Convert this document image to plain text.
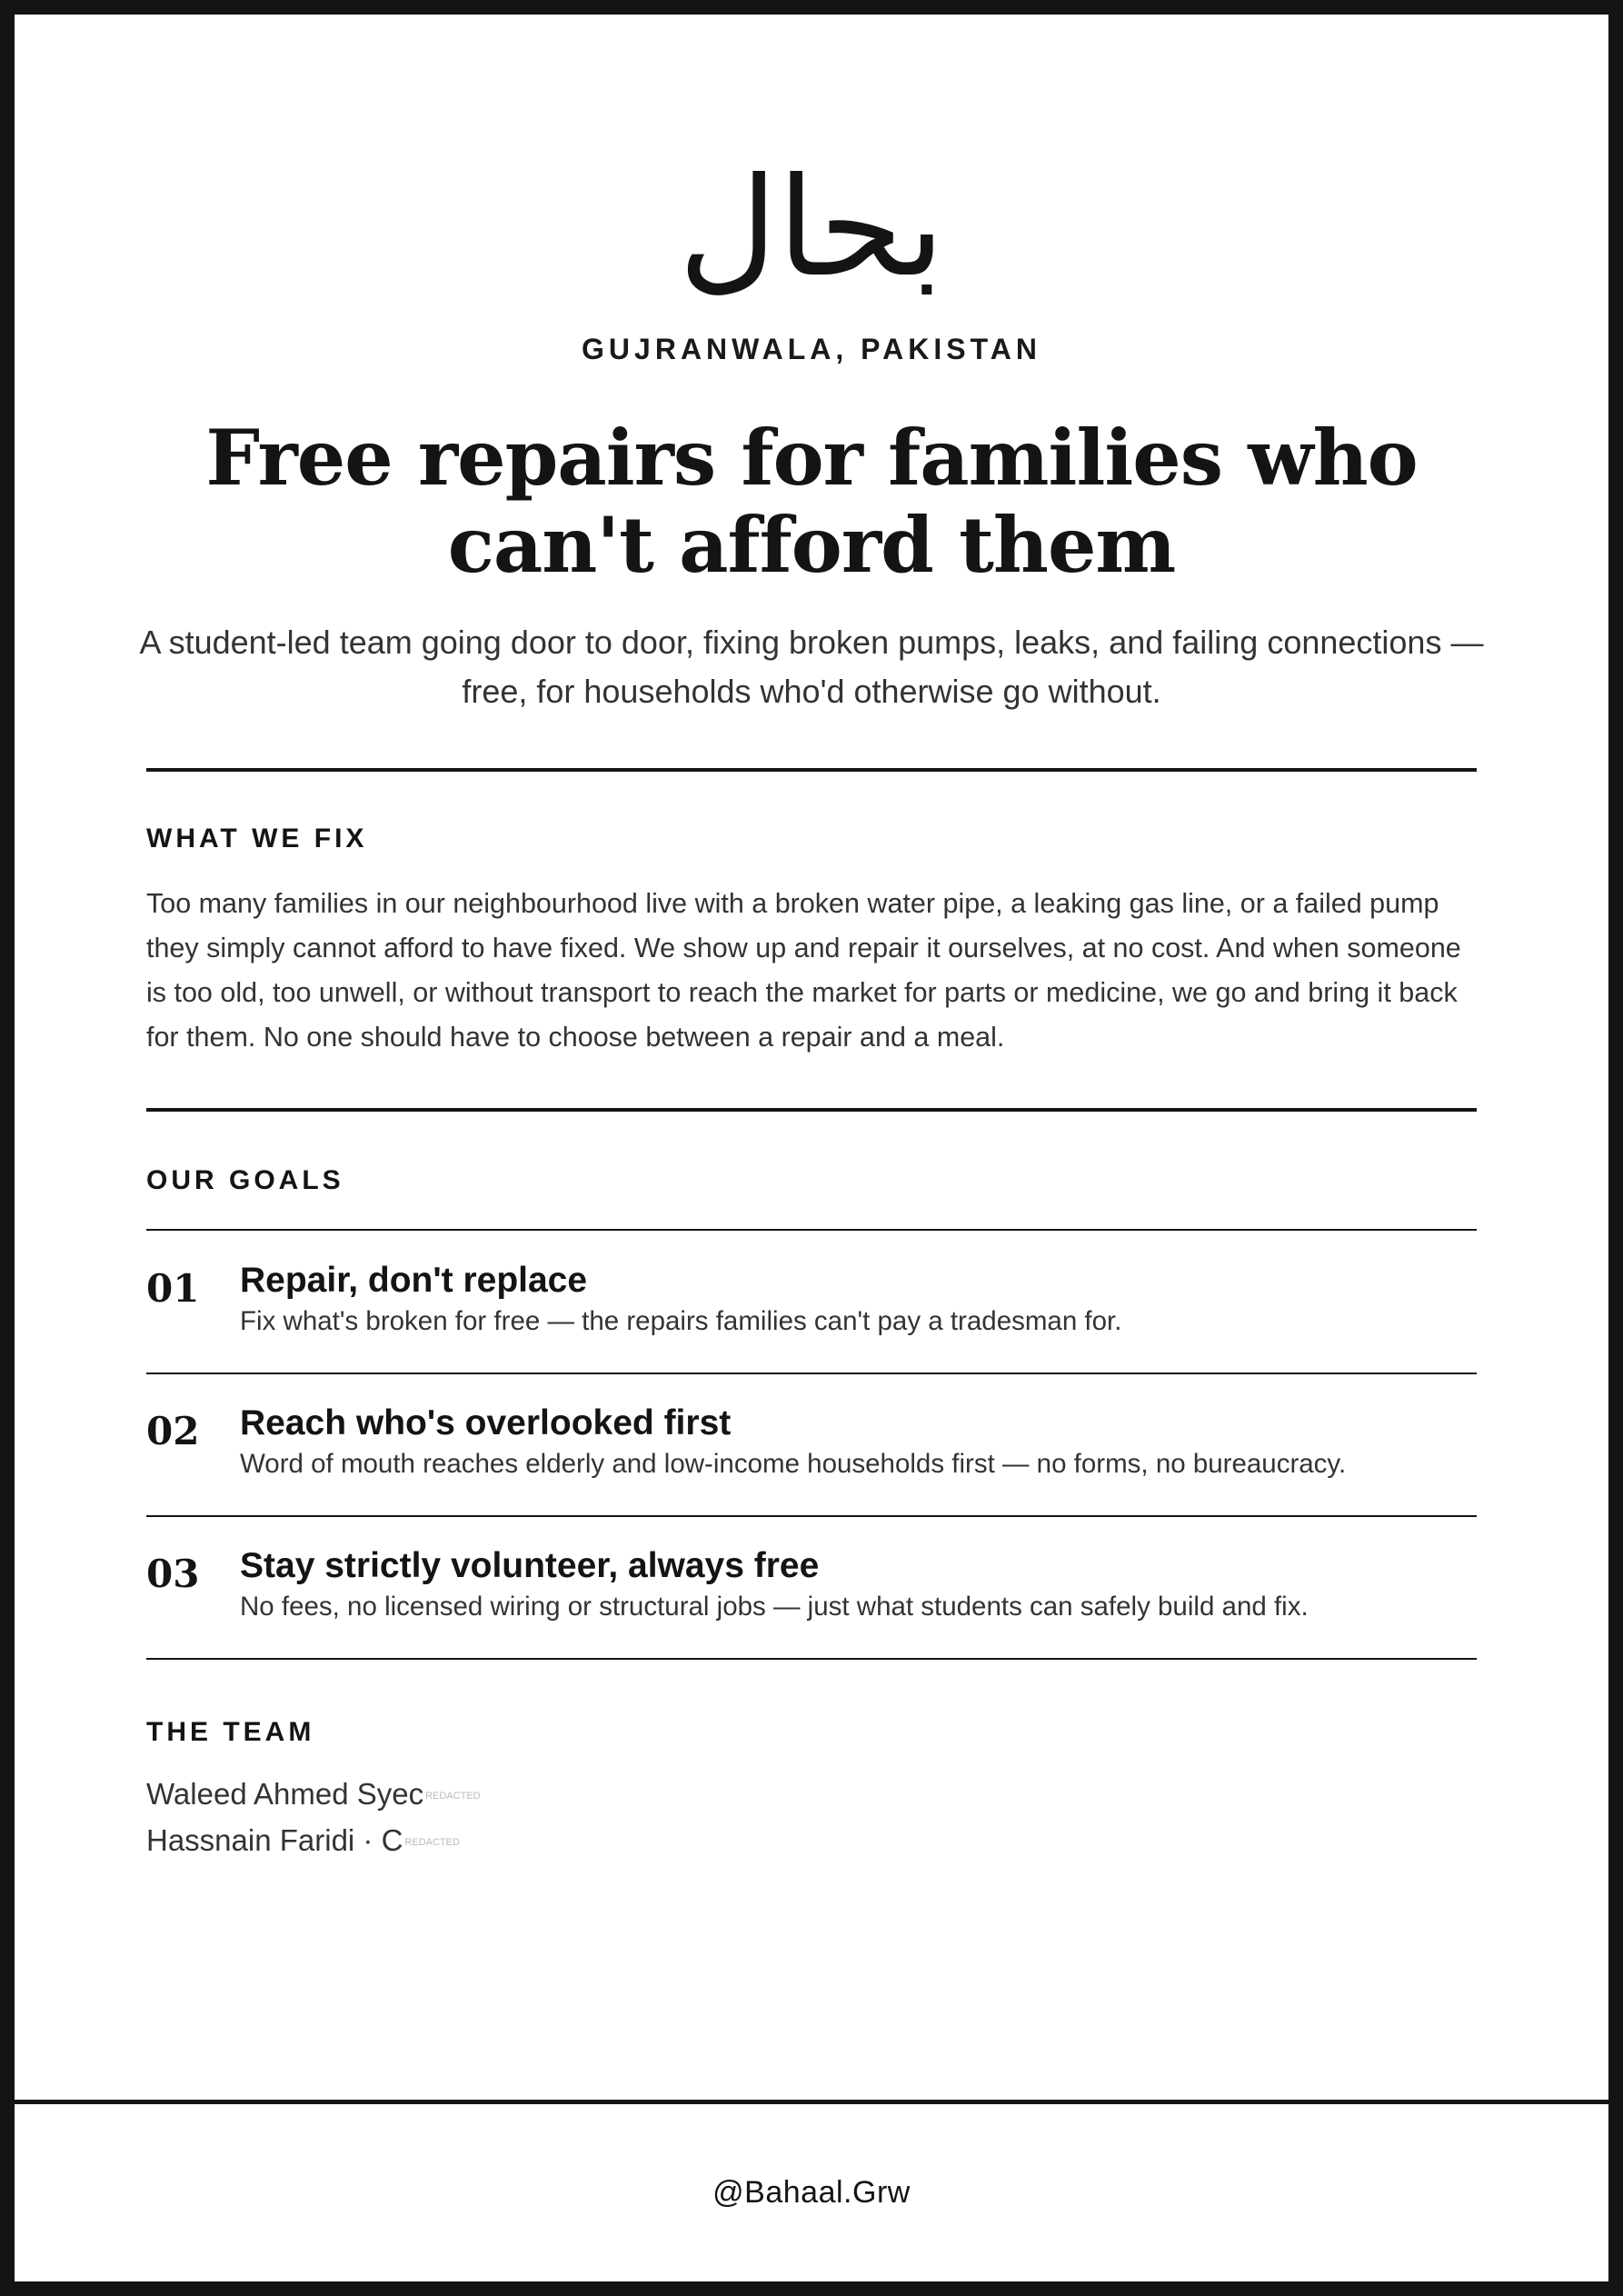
بحال
GUJRANWALA, PAKISTAN
Free repairs for families who can't afford them

A student-led team going door to door, fixing broken pumps, leaks, and failing connections — free, for households who'd otherwise go without.

WHAT WE FIX

Too many families in our neighbourhood live with a broken water pipe, a leaking gas line, or a failed pump they simply cannot afford to have fixed. We show up and repair it ourselves, at no cost. And when someone is too old, too unwell, or without transport to reach the market for parts or medicine, we go and bring it back for them. No one should have to choose between a repair and a meal.

OUR GOALS
01 Repair, don't replace
Fix what's broken for free — the repairs families can't pay a tradesman for.
02 Reach who's overlooked first
Word of mouth reaches elderly and low-income households first — no forms, no bureaucracy.
03 Stay strictly volunteer, always free
No fees, no licensed wiring or structural jobs — just what students can safely build and fix.
THE TEAM
Waleed Ahmed Syec REDACTED
Hassnain Faridi · C REDACTED
@Bahaal.Grw
